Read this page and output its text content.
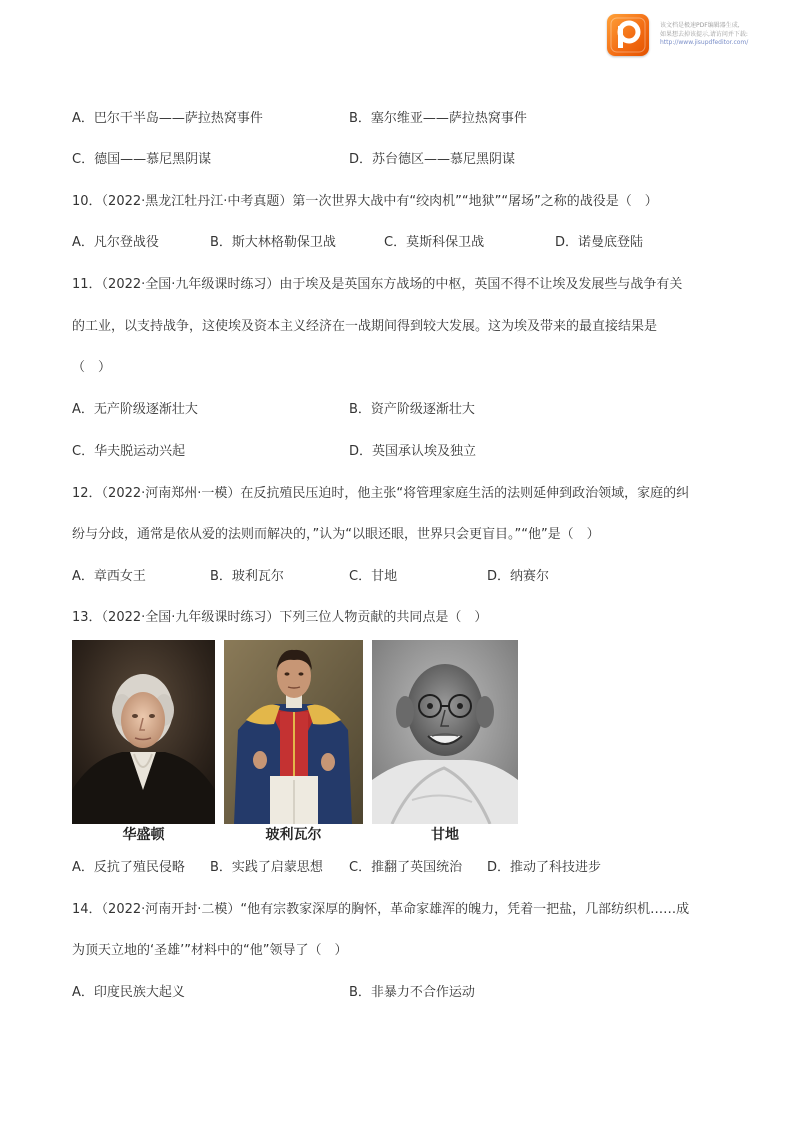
该文档是极速PDF编辑器生成,
如果想去掉该提示,请访问并下载:
http://www.jisupdfeditor.com/
A．巴尔干半岛——萨拉热窝事件	B．塞尔维亚——萨拉热窝事件
C．德国——慕尼黑阴谋	D．苏台德区——慕尼黑阴谋
10．（2022·黑龙江牡丹江·中考真题）第一次世界大战中有“绞肉机”“地狱”“屠场”之称的战役是（　）
A．凡尔登战役	B．斯大林格勒保卫战	C．莫斯科保卫战	D．诺曼底登陆
11．（2022·全国·九年级课时练习）由于埃及是英国东方战场的中枢，英国不得不让埃及发展些与战争有关
的工业，以支持战争，这使埃及资本主义经济在一战期间得到较大发展。这为埃及带来的最直接结果是
（　）
A．无产阶级逐渐壮大	B．资产阶级逐渐壮大
C．华夫脱运动兴起	D．英国承认埃及独立
12．（2022·河南郑州·一模）在反抗殖民压迫时，他主张“将管理家庭生活的法则延伸到政治领域，家庭的纠
纷与分歧，通常是依从爱的法则而解决的，”认为“以眼还眼，世界只会更盲目。”“他”是（　）
A．章西女王	B．玻利瓦尔	C．甘地	D．纳赛尔
13．（2022·全国·九年级课时练习）下列三位人物贡献的共同点是（　）
华盛顿	玻利瓦尔	甘地
A．反抗了殖民侵略 B．实践了启蒙思想 C．推翻了英国统治 D．推动了科技进步
14．（2022·河南开封·二模）“他有宗教家深厚的胸怀，革命家雄浑的魄力，凭着一把盐，几部纺织机……成
为顶天立地的‘圣雄’”材料中的“他”领导了（　）
A．印度民族大起义	B．非暴力不合作运动
